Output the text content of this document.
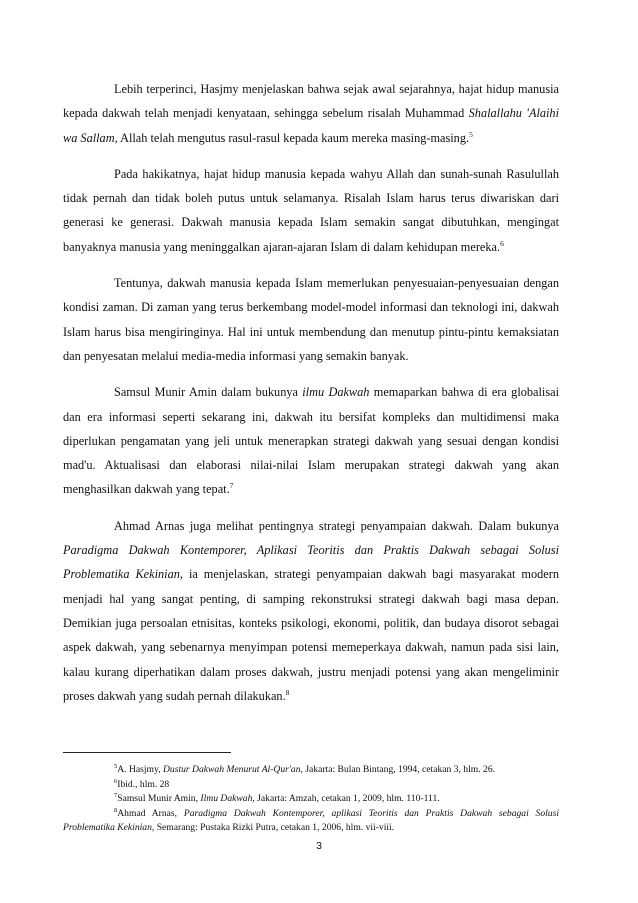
Lebih terperinci, Hasjmy menjelaskan bahwa sejak awal sejarahnya, hajat hidup manusia kepada dakwah telah menjadi kenyataan, sehingga sebelum risalah Muhammad Shalallahu 'Alaihi wa Sallam, Allah telah mengutus rasul-rasul kepada kaum mereka masing-masing.$^5$

Pada hakikatnya, hajat hidup manusia kepada wahyu Allah dan sunah-sunah Rasulullah tidak pernah dan tidak boleh putus untuk selamanya. Risalah Islam harus terus diwariskan dari generasi ke generasi. Dakwah manusia kepada Islam semakin sangat dibutuhkan, mengingat banyaknya manusia yang meninggalkan ajaran-ajaran Islam di dalam kehidupan mereka.$^6$

Tentunya, dakwah manusia kepada Islam memerlukan penyesuaian-penyesuaian dengan kondisi zaman. Di zaman yang terus berkembang model-model informasi dan teknologi ini, dakwah Islam harus bisa mengiringinya. Hal ini untuk membendung dan menutup pintu-pintu kemaksiatan dan penyesatan melalui media-media informasi yang semakin banyak.

Samsul Munir Amin dalam bukunya ilmu Dakwah memaparkan bahwa di era globalisai dan era informasi seperti sekarang ini, dakwah itu bersifat kompleks dan multidimensi maka diperlukan pengamatan yang jeli untuk menerapkan strategi dakwah yang sesuai dengan kondisi mad'u. Aktualisasi dan elaborasi nilai-nilai Islam merupakan strategi dakwah yang akan menghasilkan dakwah yang tepat.$^7$

Ahmad Arnas juga melihat pentingnya strategi penyampaian dakwah. Dalam bukunya Paradigma Dakwah Kontemporer, Aplikasi Teoritis dan Praktis Dakwah sebagai Solusi Problematika Kekinian, ia menjelaskan, strategi penyampaian dakwah bagi masyarakat modern menjadi hal yang sangat penting, di samping rekonstruksi strategi dakwah bagi masa depan. Demikian juga persoalan etnisitas, konteks psikologi, ekonomi, politik, dan budaya disorot sebagai aspek dakwah, yang sebenarnya menyimpan potensi memeperkaya dakwah, namun pada sisi lain, kalau kurang diperhatikan dalam proses dakwah, justru menjadi potensi yang akan mengeliminir proses dakwah yang sudah pernah dilakukan.$^8$

$^5$A. Hasjmy, Dustur Dakwah Menurut Al-Qur'an, Jakarta: Bulan Bintang, 1994, cetakan 3, hlm. 26.

$^6$Ibid., hlm. 28

$^7$Samsul Munir Amin, Ilmu Dakwah, Jakarta: Amzah, cetakan 1, 2009, hlm. 110-111.

$^8$Ahmad Arnas, Paradigma Dakwah Kontemporer, aplikasi Teoritis dan Praktis Dakwah sebagai Solusi Problematika Kekinian, Semarang: Pustaka Rizki Putra, cetakan 1, 2006, hlm. vii-viii.

3
